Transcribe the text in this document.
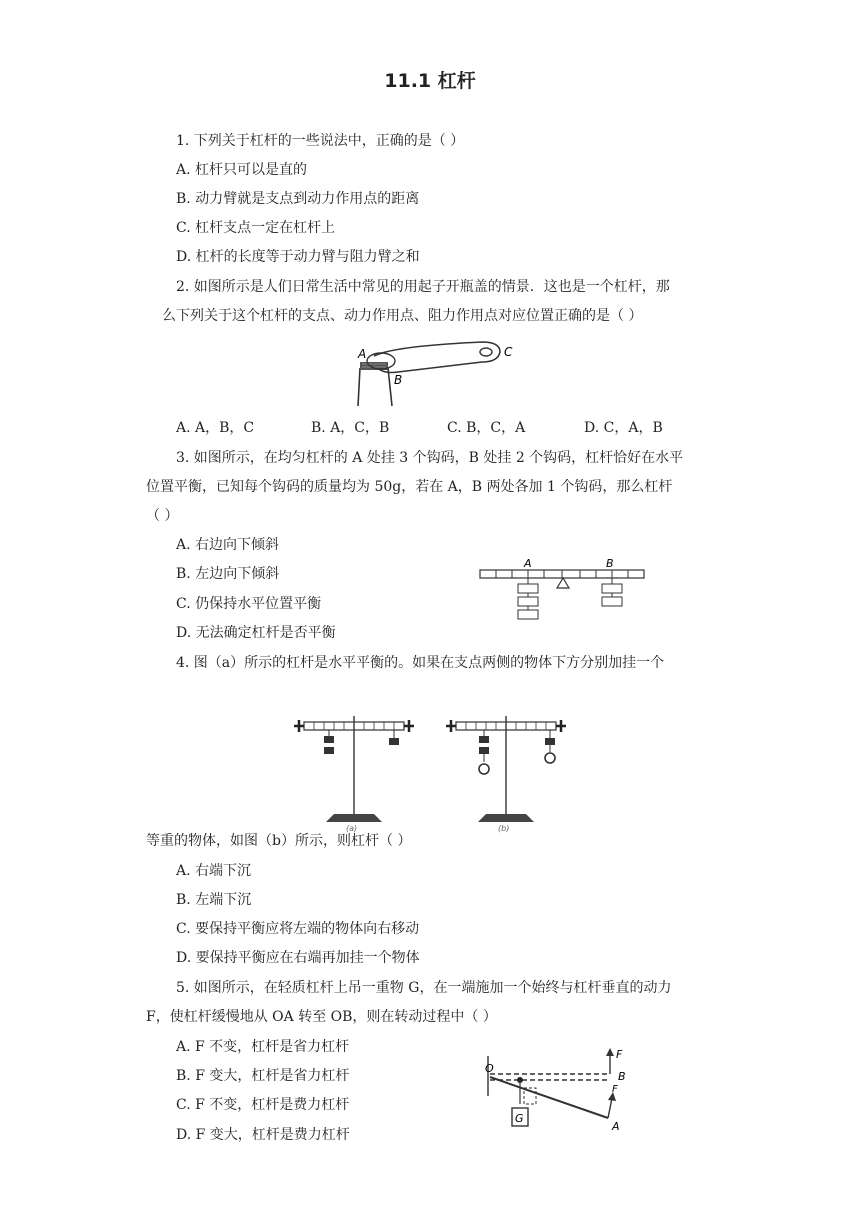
11.1 杠杆
1. 下列关于杠杆的一些说法中，正确的是（ ）
A. 杠杆只可以是直的
B. 动力臂就是支点到动力作用点的距离
C. 杠杆支点一定在杠杆上
D. 杠杆的长度等于动力臂与阻力臂之和
2. 如图所示是人们日常生活中常见的用起子开瓶盖的情景．这也是一个杠杆，那
么下列关于这个杠杆的支点、动力作用点、阻力作用点对应位置正确的是（ ）
A
B
C
A. A，B，C	B. A，C，B	C. B，C，A	D. C，A，B
3. 如图所示，在均匀杠杆的 A 处挂 3 个钩码，B 处挂 2 个钩码，杠杆恰好在水平
位置平衡，已知每个钩码的质量均为 50g，若在 A，B 两处各加 1 个钩码，那么杠杆
（ ）
A. 右边向下倾斜
B. 左边向下倾斜
C. 仍保持水平位置平衡
D. 无法确定杠杆是否平衡
A	B
4. 图（a）所示的杠杆是水平平衡的。如果在支点两侧的物体下方分别加挂一个
(a)	(b)
等重的物体，如图（b）所示，则杠杆（ ）
A. 右端下沉
B. 左端下沉
C. 要保持平衡应将左端的物体向右移动
D. 要保持平衡应在右端再加挂一个物体
5. 如图所示，在轻质杠杆上吊一重物 G，在一端施加一个始终与杠杆垂直的动力
F，使杠杆缓慢地从 OA 转至 OB，则在转动过程中（ ）
A. F 不变，杠杆是省力杠杆
B. F 变大，杠杆是省力杠杆
C. F 不变，杠杆是费力杠杆
D. F 变大，杠杆是费力杠杆
O
F
B
F
G
A
